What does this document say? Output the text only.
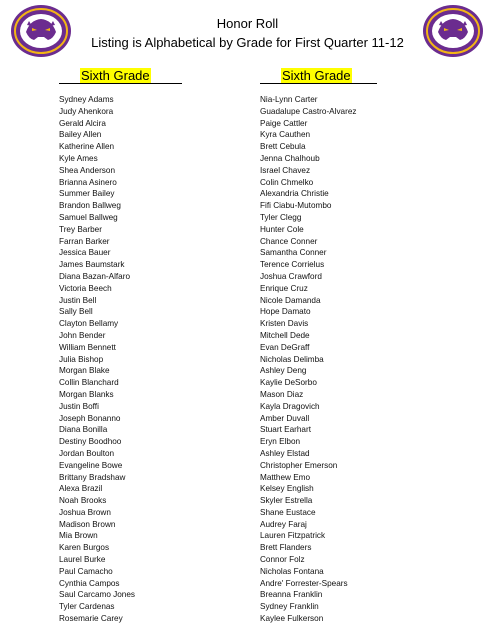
Honor Roll
Listing is Alphabetical by Grade for First Quarter 11-12
Sixth Grade	Sixth Grade
Sydney Adams
Judy Ahenkora
Gerald Alcira
Bailey Allen
Katherine Allen
Kyle Ames
Shea Anderson
Brianna Asinero
Summer Bailey
Brandon Ballweg
Samuel Ballweg
Trey Barber
Farran Barker
Jessica Bauer
James Baumstark
Diana Bazan-Alfaro
Victoria Beech
Justin Bell
Sally Bell
Clayton Bellamy
John Bender
William Bennett
Julia Bishop
Morgan Blake
Collin Blanchard
Morgan Blanks
Justin Boffi
Joseph Bonanno
Diana Bonilla
Destiny Boodhoo
Jordan Boulton
Evangeline Bowe
Brittany Bradshaw
Alexa Brazil
Noah Brooks
Joshua Brown
Madison Brown
Mia Brown
Karen Burgos
Laurel Burke
Paul Camacho
Cynthia Campos
Saul Carcamo Jones
Tyler Cardenas
Rosemarie Carey
Nia-Lynn Carter
Guadalupe Castro-Alvarez
Paige Cattler
Kyra Cauthen
Brett Cebula
Jenna Chalhoub
Israel Chavez
Colin Chmelko
Alexandria Christie
Fifi Ciabu-Mutombo
Tyler Clegg
Hunter Cole
Chance Conner
Samantha Conner
Terence Corrielus
Joshua Crawford
Enrique Cruz
Nicole Damanda
Hope Damato
Kristen Davis
Mitchell Dede
Evan DeGraff
Nicholas Delimba
Ashley Deng
Kaylie DeSorbo
Mason Diaz
Kayla Dragovich
Amber Duvall
Stuart Earhart
Eryn Elbon
Ashley Elstad
Christopher Emerson
Matthew Emo
Kelsey English
Skyler Estrella
Shane Eustace
Audrey Faraj
Lauren Fitzpatrick
Brett Flanders
Connor Folz
Nicholas Fontana
Andre' Forrester-Spears
Breanna Franklin
Sydney Franklin
Kaylee Fulkerson
